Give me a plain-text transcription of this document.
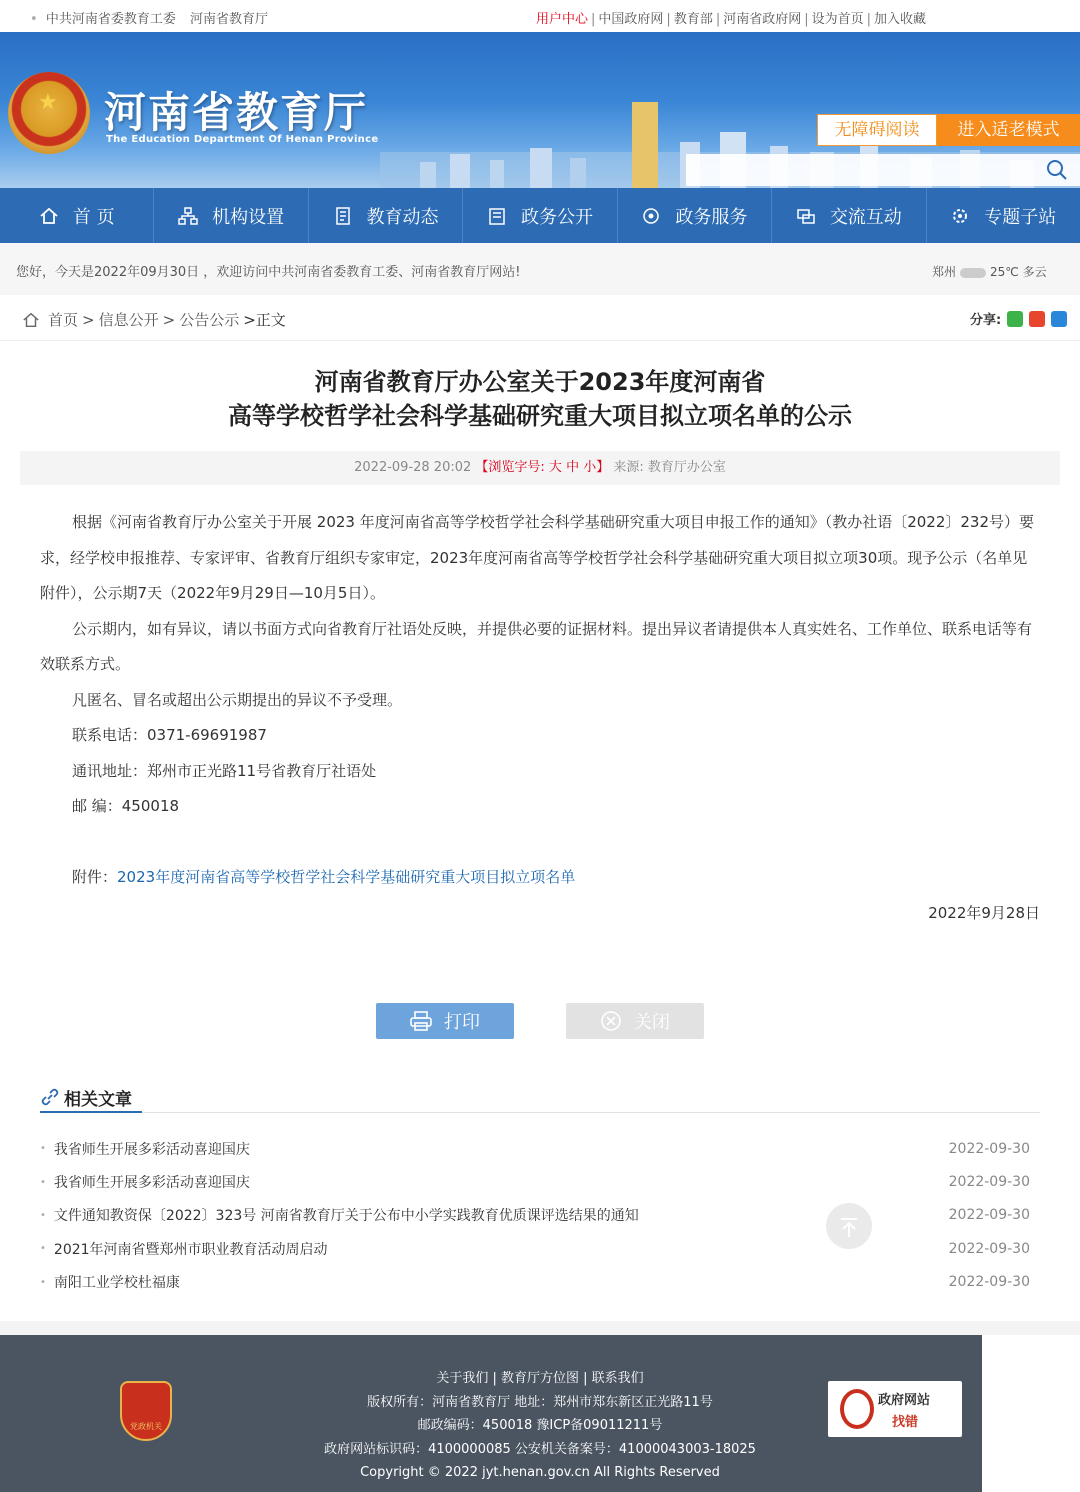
• 中共河南省委教育工委 河南省教育厅	用户中心 | 中国政府网 | 教育部 | 河南省政府网 | 设为首页 | 加入收藏
★ 河南省教育厅
The Education Department Of Henan Province	无障碍阅读	进入适老模式
首 页	机构设置	教育动态	政务公开	政务服务	交流互动	专题子站
您好，今天是2022年09月30日 ，欢迎访问中共河南省委教育工委、河南省教育厅网站!	郑州	25℃ 多云
首页 > 信息公开 > 公告公示 >正文	分享:
河南省教育厅办公室关于2023年度河南省
高等学校哲学社会科学基础研究重大项目拟立项名单的公示
2022-09-28 20:02 【浏览字号: 大 中 小】 来源: 教育厅办公室

根据《河南省教育厅办公室关于开展 2023 年度河南省高等学校哲学社会科学基础研究重大项目申报工作的通知》（教办社语〔2022〕232号）要求，经学校申报推荐、专家评审、省教育厅组织专家审定，2023年度河南省高等学校哲学社会科学基础研究重大项目拟立项30项。现予公示（名单见附件），公示期7天（2022年9月29日—10月5日）。

公示期内，如有异议，请以书面方式向省教育厅社语处反映，并提供必要的证据材料。提出异议者请提供本人真实姓名、工作单位、联系电话等有效联系方式。

凡匿名、冒名或超出公示期提出的异议不予受理。

联系电话：0371-69691987

通讯地址：郑州市正光路11号省教育厅社语处

邮 编：450018

附件：2023年度河南省高等学校哲学社会科学基础研究重大项目拟立项名单

2022年9月28日

打印	关闭
相关文章
• 我省师生开展多彩活动喜迎国庆	2022-09-30
• 我省师生开展多彩活动喜迎国庆	2022-09-30
• 文件通知教资保〔2022〕323号 河南省教育厅关于公布中小学实践教育优质课评选结果的通知	2022-09-30
• 2021年河南省暨郑州市职业教育活动周启动	2022-09-30
• 南阳工业学校杜福康	2022-09-30
党政机关
关于我们 | 教育厅方位图 | 联系我们
版权所有：河南省教育厅 地址：郑州市郑东新区正光路11号
邮政编码：450018 豫ICP备09011211号
政府网站标识码：4100000085 公安机关备案号：41000043003-18025
Copyright © 2022 jyt.henan.gov.cn All Rights Reserved
政府网站
找错
